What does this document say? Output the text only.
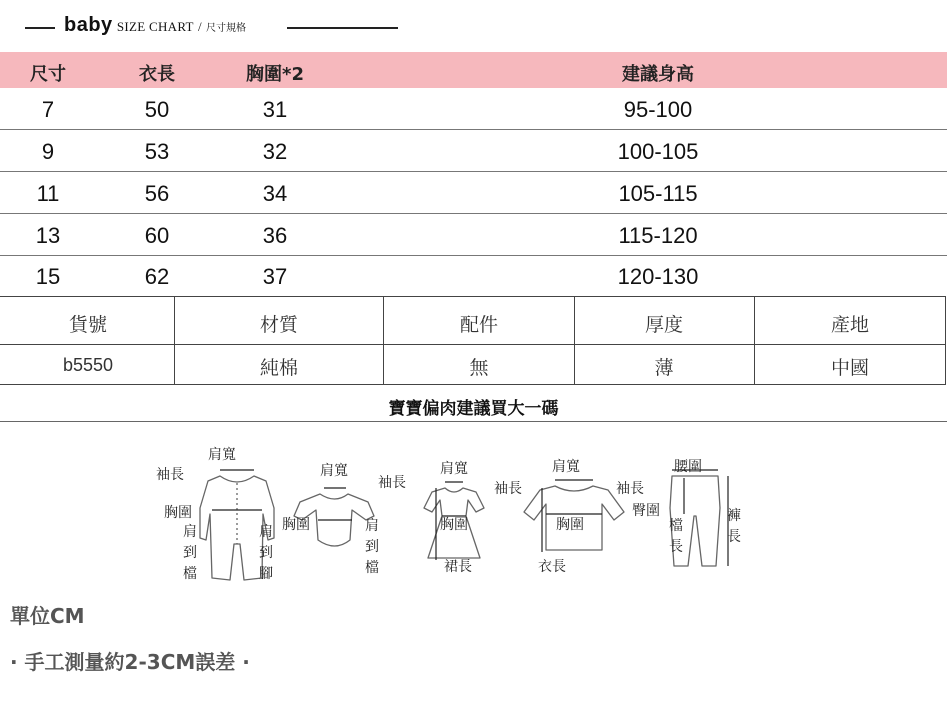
baby SIZE CHART / 尺寸規格
尺寸	衣長	胸圍*2	建議身高
7	50	31	95-100
9	53	32	100-105
11	56	34	105-115
13	60	36	115-120
15	62	37	120-130
貨號	材質	配件	厚度	產地
b5550	純棉	無	薄	中國
寶寶偏肉建議買大一碼
肩寬
袖長
胸圍
肩到檔
肩到腳
肩寬
袖長
胸圍	肩到檔
肩寬
袖長
胸圍
裙長
肩寬
袖長
胸圍
衣長
腰圍
臀圍
檔長
褲長
單位CM
· 手工測量約2-3CM誤差 ·
